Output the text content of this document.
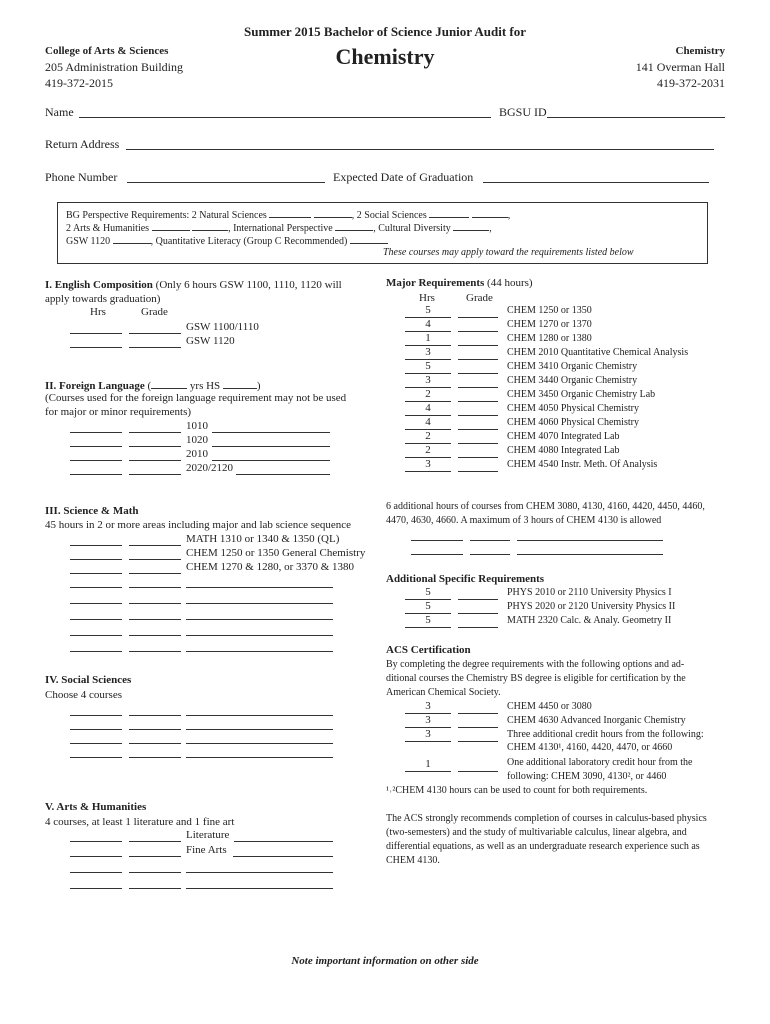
Summer 2015 Bachelor of Science Junior Audit for
Chemistry
College of Arts & Sciences
205 Administration Building
419-372-2015
Chemistry
141 Overman Hall
419-372-2031
Name	BGSU ID
Return Address
Phone Number	Expected Date of Graduation
BG Perspective Requirements: 2 Natural Sciences	, 2 Social Sciences	,
2 Arts & Humanities	, International Perspective	, Cultural Diversity	,
GSW 1120	, Quantitative Literacy (Group C Recommended)
These courses may apply toward the requirements listed below
I. English Composition (Only 6 hours GSW 1100, 1110, 1120 will
apply towards graduation)
Hrs	Grade
GSW 1100/1110
GSW 1120
II. Foreign Language (	yrs HS	)
(Courses used for the foreign language requirement may not be used
for major or minor requirements)
1010
1020
2010
2020/2120
III. Science & Math
45 hours in 2 or more areas including major and lab science sequence
MATH 1310 or 1340 & 1350 (QL)
CHEM 1250 or 1350 General Chemistry
CHEM 1270 & 1280, or 3370 & 1380
IV. Social Sciences
Choose 4 courses
V. Arts & Humanities
4 courses, at least 1 literature and 1 fine art
Literature
Fine Arts
Major Requirements (44 hours)
Hrs	Grade
5	CHEM 1250 or 1350
4	CHEM 1270 or 1370
1	CHEM 1280 or 1380
3	CHEM 2010 Quantitative Chemical Analysis
5	CHEM 3410 Organic Chemistry
3	CHEM 3440 Organic Chemistry
2	CHEM 3450 Organic Chemistry Lab
4	CHEM 4050 Physical Chemistry
4	CHEM 4060 Physical Chemistry
2	CHEM 4070 Integrated Lab
2	CHEM 4080 Integrated Lab
3	CHEM 4540 Instr. Meth. Of Analysis
6 additional hours of courses from CHEM 3080, 4130, 4160, 4420, 4450, 4460,
4470, 4630, 4660. A maximum of 3 hours of CHEM 4130 is allowed
Additional Specific Requirements
5	PHYS 2010 or 2110 University Physics I
5	PHYS 2020 or 2120 University Physics II
5	MATH 2320 Calc. & Analy. Geometry II
ACS Certification
By completing the degree requirements with the following options and ad-
ditional courses the Chemistry BS degree is eligible for certification by the
American Chemical Society.
3	CHEM 4450 or 3080
3	CHEM 4630 Advanced Inorganic Chemistry
3	Three additional credit hours from the following:
CHEM 4130¹, 4160, 4420, 4470, or 4660
1	One additional laboratory credit hour from the
following: CHEM 3090, 4130², or 4460
¹˒²CHEM 4130 hours can be used to count for both requirements.
The ACS strongly recommends completion of courses in calculus-based physics
(two-semesters) and the study of multivariable calculus, linear algebra, and
differential equations, as well as an undergraduate research experience such as
CHEM 4130.
Note important information on other side
